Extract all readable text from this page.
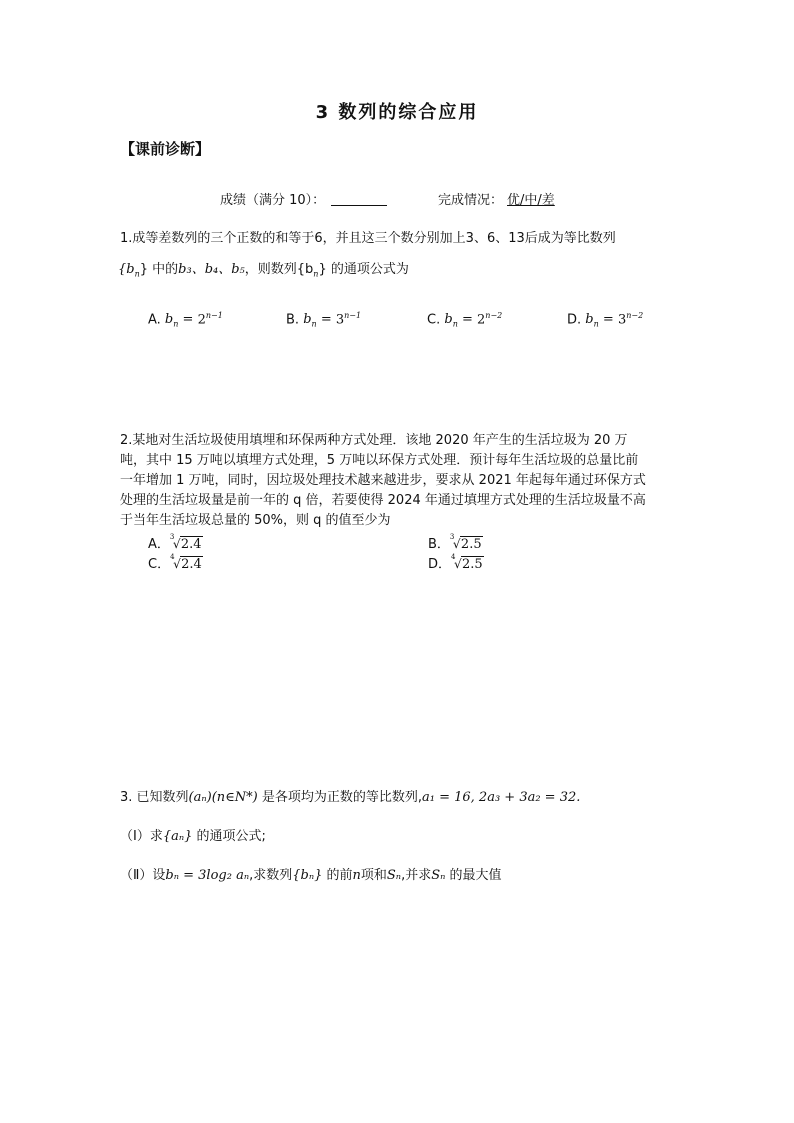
3 数列的综合应用
【课前诊断】
成绩（满分 10）：	完成情况： 优/中/差
1.成等差数列的三个正数的和等于6，并且这三个数分别加上3、6、13后成为等比数列
$\{b_n\}$ 中的b₃、b₄、b₅，则数列$\{b_n\}$ 的通项公式为
A. $b_n = 2^{n-1}$	B. $b_n = 3^{n-1}$	C. $b_n = 2^{n-2}$	D. $b_n = 3^{n-2}$
2.某地对生活垃圾使用填埋和环保两种方式处理．该地 2020 年产生的生活垃圾为 20 万
吨，其中 15 万吨以填埋方式处理，5 万吨以环保方式处理．预计每年生活垃圾的总量比前
一年增加 1 万吨，同时，因垃圾处理技术越来越进步，要求从 2021 年起每年通过环保方式
处理的生活垃圾量是前一年的 q 倍，若要使得 2024 年通过填埋方式处理的生活垃圾量不高
于当年生活垃圾总量的 50%，则 q 的值至少为
A． 3
√ 2.4	B． 3
√ 2.5
C． 4
√ 2.4	D． 4
√ 2.5
3. 已知数列(aₙ)(n∈N*) 是各项均为正数的等比数列,a₁ = 16, 2a₃ + 3a₂ = 32.
（Ⅰ）求{aₙ} 的通项公式;
（Ⅱ）设bₙ = 3log₂ aₙ,求数列{bₙ} 的前n项和Sₙ,并求Sₙ 的最大值
